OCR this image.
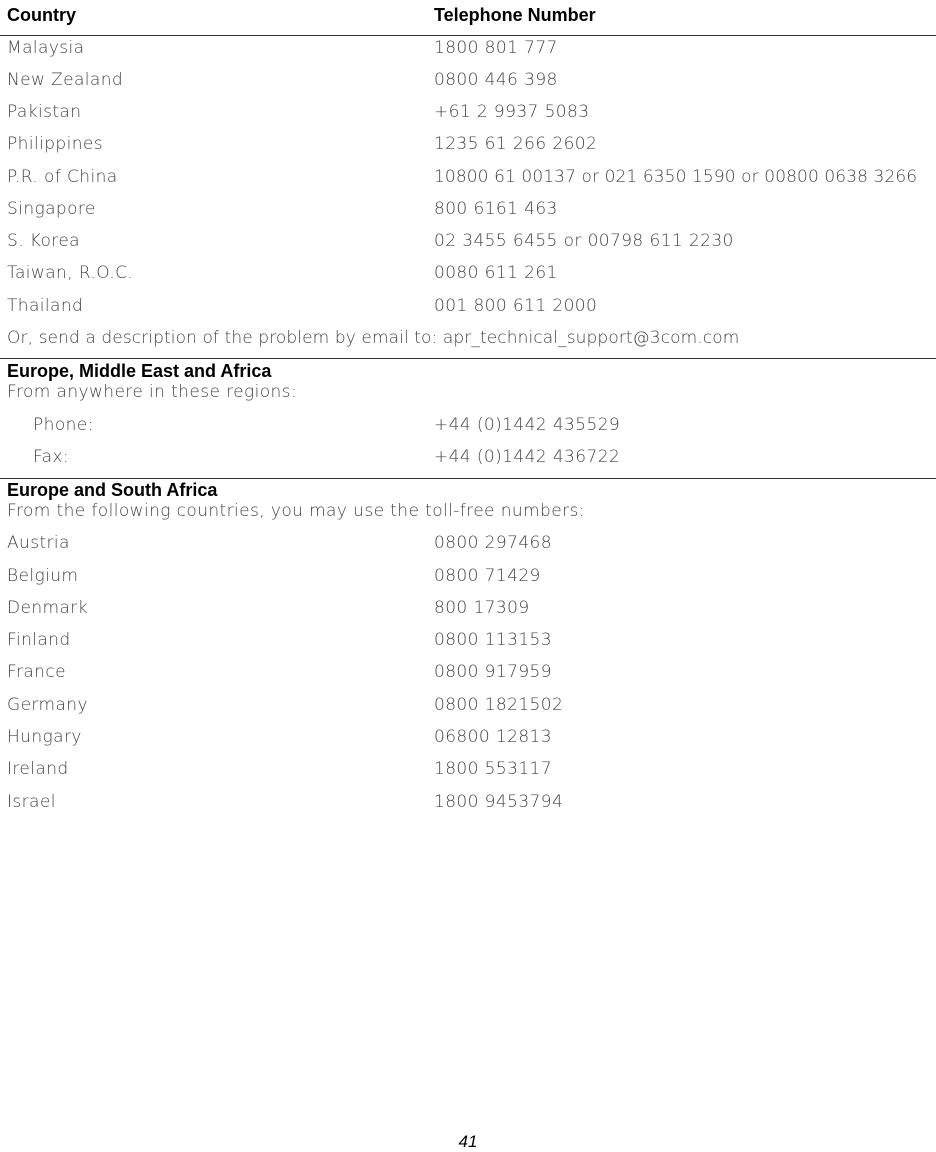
Country	Telephone Number
Malaysia	1800 801 777
New Zealand	0800 446 398
Pakistan	+61 2 9937 5083
Philippines	1235 61 266 2602
P.R. of China	10800 61 00137 or 021 6350 1590 or 00800 0638 3266
Singapore	800 6161 463
S. Korea	02 3455 6455 or 00798 611 2230
Taiwan, R.O.C.	0080 611 261
Thailand	001 800 611 2000
Or, send a description of the problem by email to: apr_technical_support@3com.com
Europe, Middle East and Africa
From anywhere in these regions:
Phone:	+44 (0)1442 435529
Fax:	+44 (0)1442 436722
Europe and South Africa
From the following countries, you may use the toll-free numbers:
Austria	0800 297468
Belgium	0800 71429
Denmark	800 17309
Finland	0800 113153
France	0800 917959
Germany	0800 1821502
Hungary	06800 12813
Ireland	1800 553117
Israel	1800 9453794
41
